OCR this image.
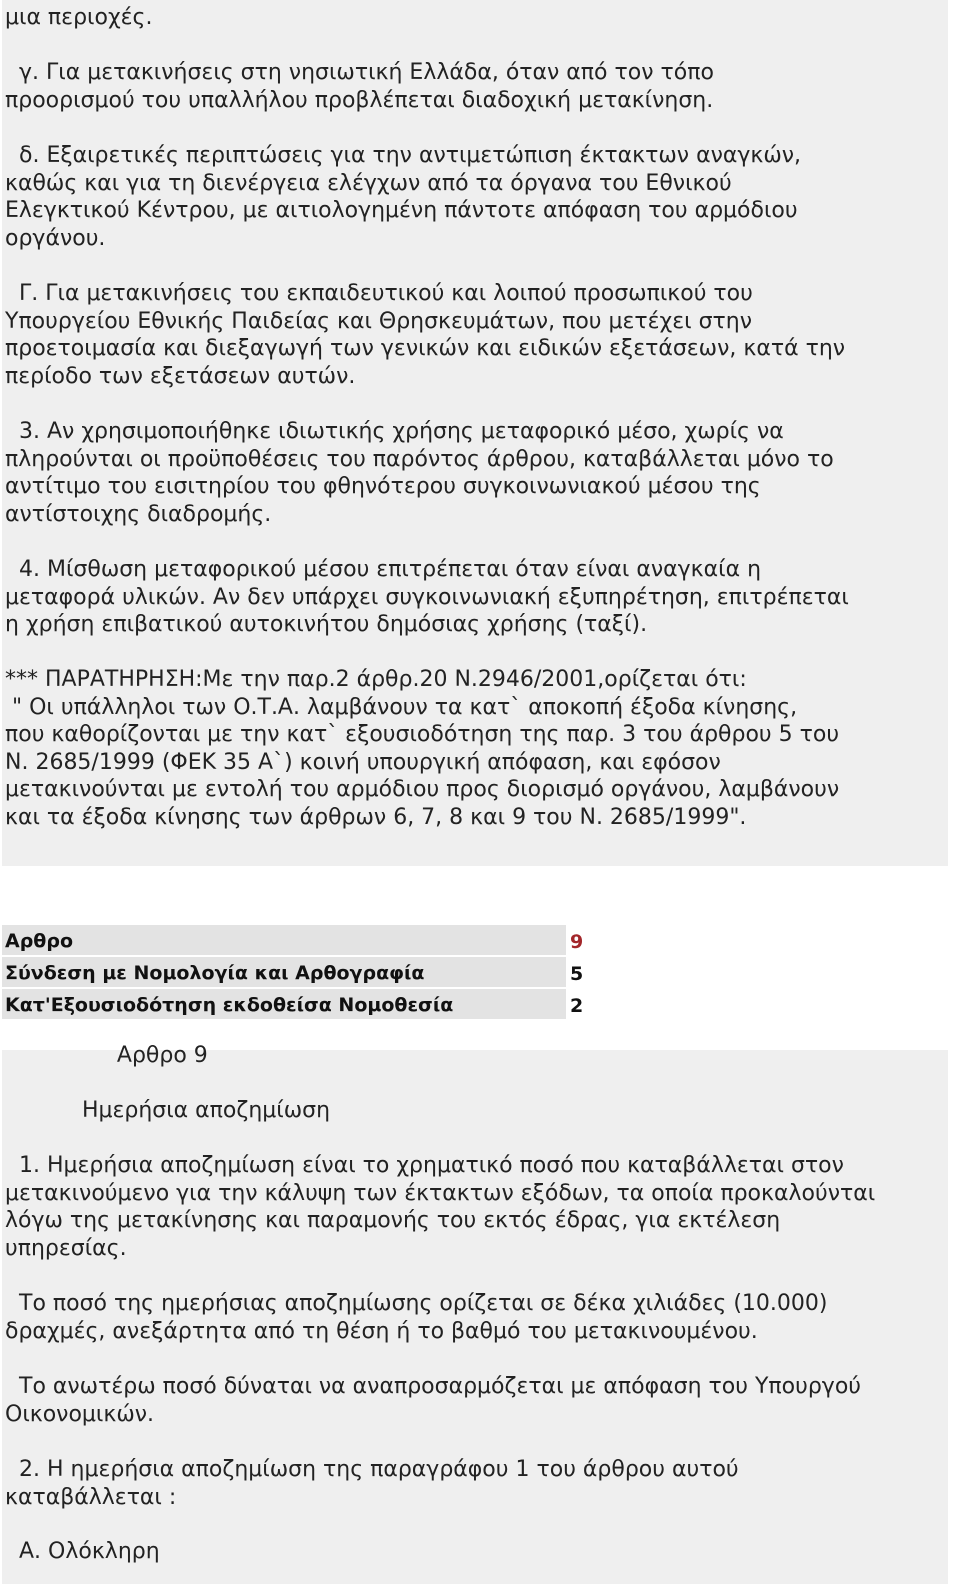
μια περιοχές.

γ. Για μετακινήσεις στη νησιωτική Ελλάδα, όταν από τον τόπο
προορισμού του υπαλλήλου προβλέπεται διαδοχική μετακίνηση.

δ. Εξαιρετικές περιπτώσεις για την αντιμετώπιση έκτακτων αναγκών,
καθώς και για τη διενέργεια ελέγχων από τα όργανα του Εθνικού
Ελεγκτικού Κέντρου, με αιτιολογημένη πάντοτε απόφαση του αρμόδιου
οργάνου.

Γ. Για μετακινήσεις του εκπαιδευτικού και λοιπού προσωπικού του
Υπουργείου Εθνικής Παιδείας και Θρησκευμάτων, που μετέχει στην
προετοιμασία και διεξαγωγή των γενικών και ειδικών εξετάσεων, κατά την
περίοδο των εξετάσεων αυτών.

3. Αν χρησιμοποιήθηκε ιδιωτικής χρήσης μεταφορικό μέσο, χωρίς να
πληρούνται οι προϋποθέσεις του παρόντος άρθρου, καταβάλλεται μόνο το
αντίτιμο του εισιτηρίου του φθηνότερου συγκοινωνιακού μέσου της
αντίστοιχης διαδρομής.

4. Μίσθωση μεταφορικού μέσου επιτρέπεται όταν είναι αναγκαία η
μεταφορά υλικών. Αν δεν υπάρχει συγκοινωνιακή εξυπηρέτηση, επιτρέπεται
η χρήση επιβατικού αυτοκινήτου δημόσιας χρήσης (ταξί).

*** ΠΑΡΑΤΗΡΗΣΗ:Με την παρ.2 άρθρ.20 Ν.2946/2001,ορίζεται ότι:
" Οι υπάλληλοι των Ο.Τ.Α. λαμβάνουν τα κατ` αποκοπή έξοδα κίνησης,
που καθορίζονται με την κατ` εξουσιοδότηση της παρ. 3 του άρθρου 5 του
Ν. 2685/1999 (ΦΕΚ 35 Α`) κοινή υπουργική απόφαση, και εφόσον
μετακινούνται με εντολή του αρμόδιου προς διορισμό οργάνου, λαμβάνουν
και τα έξοδα κίνησης των άρθρων 6, 7, 8 και 9 του Ν. 2685/1999".

Αρθρο	9
Σύνδεση με Νομολογία και Αρθογραφία	5
Κατ'Εξουσιοδότηση εκδοθείσα Νομοθεσία	2

Αρθρο 9

Ημερήσια αποζημίωση

1. Ημερήσια αποζημίωση είναι το χρηματικό ποσό που καταβάλλεται στον
μετακινούμενο για την κάλυψη των έκτακτων εξόδων, τα οποία προκαλούνται
λόγω της μετακίνησης και παραμονής του εκτός έδρας, για εκτέλεση
υπηρεσίας.

Το ποσό της ημερήσιας αποζημίωσης ορίζεται σε δέκα χιλιάδες (10.000)
δραχμές, ανεξάρτητα από τη θέση ή το βαθμό του μετακινουμένου.

Το ανωτέρω ποσό δύναται να αναπροσαρμόζεται με απόφαση του Υπουργού
Οικονομικών.

2. Η ημερήσια αποζημίωση της παραγράφου 1 του άρθρου αυτού
καταβάλλεται :

Α. Ολόκληρη
